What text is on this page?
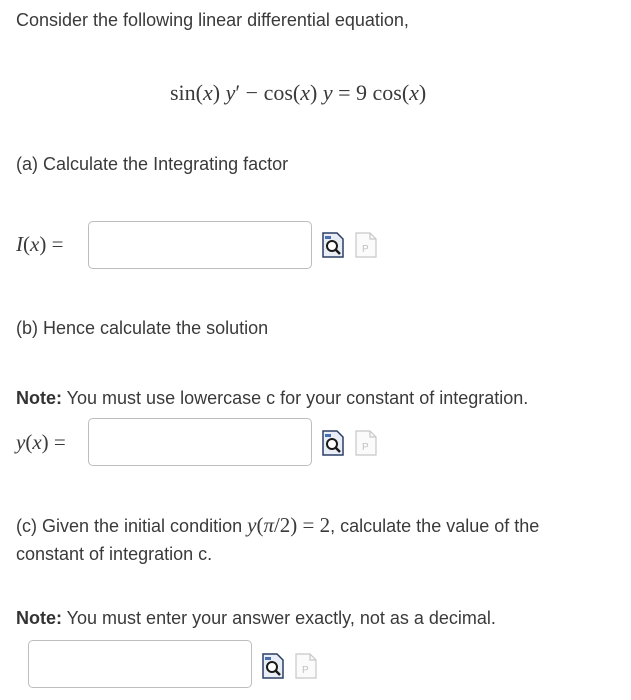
Consider the following linear differential equation,
sin(x) y′ − cos(x) y = 9 cos(x)
(a) Calculate the Integrating factor
I(x) =	P
(b) Hence calculate the solution
Note: You must use lowercase c for your constant of integration.
y(x) =	P
(c) Given the initial condition y(π/2) = 2, calculate the value of the
constant of integration c.
Note: You must enter your answer exactly, not as a decimal.
P
